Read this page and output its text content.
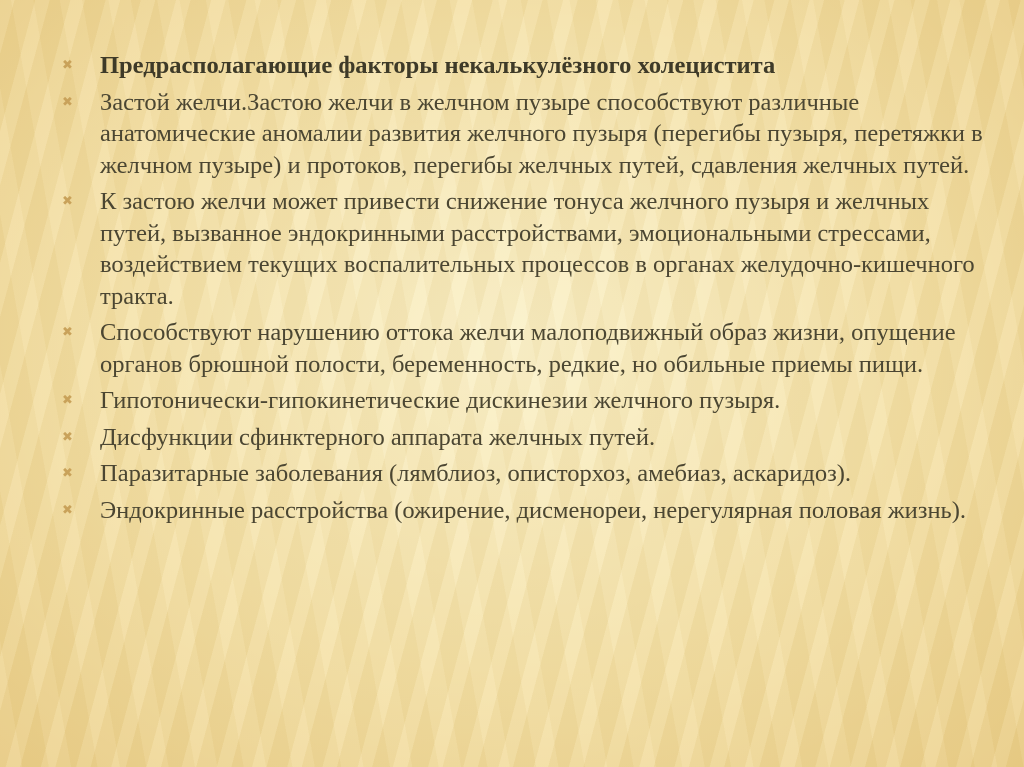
✖ Предрасполагающие факторы некалькулёзного холецистита
✖ Застой желчи.Застою желчи в желчном пузыре способствуют различные анатомические аномалии развития желчного пузыря (перегибы пузыря, перетяжки в желчном пузыре) и протоков, перегибы желчных путей, сдавления желчных путей.
✖ К застою желчи может привести снижение тонуса желчного пузыря и желчных путей, вызванное эндокринными расстройствами, эмоциональными стрессами, воздействием текущих воспалительных процессов в органах желудочно-кишечного тракта.
✖ Способствуют нарушению оттока желчи малоподвижный образ жизни, опущение органов брюшной полости, беременность, редкие, но обильные приемы пищи.
✖ Гипотонически-гипокинетические дискинезии желчного пузыря.
✖ Дисфункции сфинктерного аппарата желчных путей.
✖ Паразитарные заболевания (лямблиоз, описторхоз, амебиаз, аскаридоз).
✖ Эндокринные расстройства (ожирение, дисменореи, нерегулярная половая жизнь).
